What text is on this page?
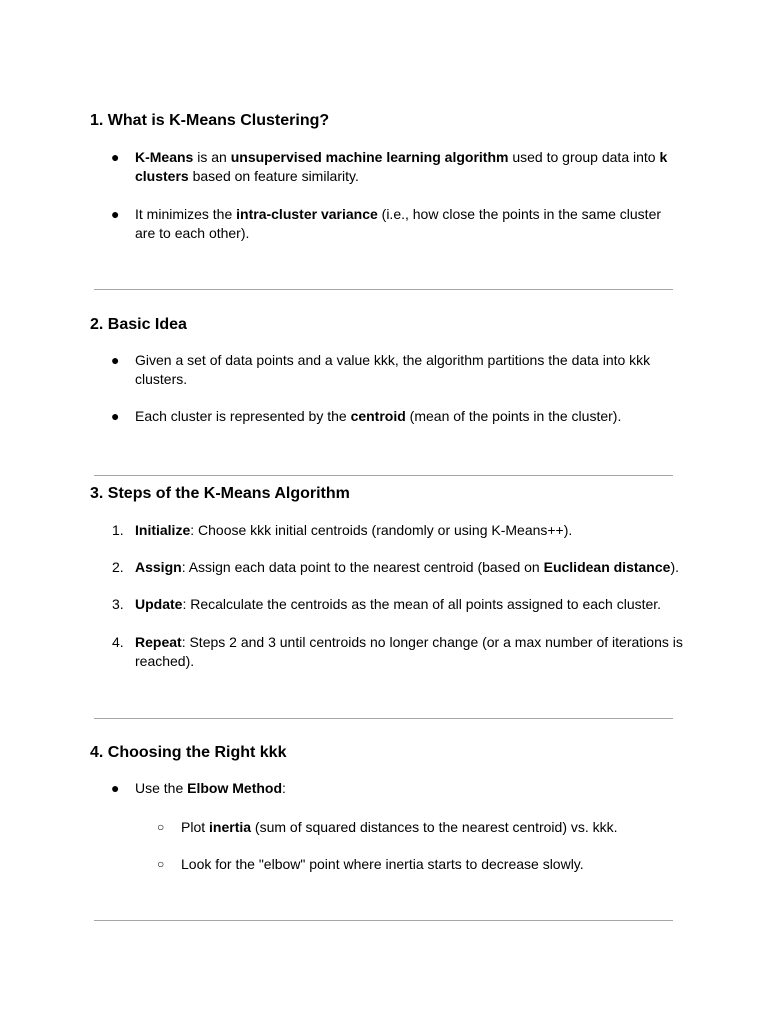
1. What is K-Means Clustering?
● K-Means is an unsupervised machine learning algorithm used to group data into k clusters based on feature similarity.
● It minimizes the intra-cluster variance (i.e., how close the points in the same cluster are to each other).
2. Basic Idea
● Given a set of data points and a value kkk, the algorithm partitions the data into kkk clusters.
● Each cluster is represented by the centroid (mean of the points in the cluster).
3. Steps of the K-Means Algorithm
1. Initialize: Choose kkk initial centroids (randomly or using K-Means++).
2. Assign: Assign each data point to the nearest centroid (based on Euclidean distance).
3. Update: Recalculate the centroids as the mean of all points assigned to each cluster.
4. Repeat: Steps 2 and 3 until centroids no longer change (or a max number of iterations is reached).
4. Choosing the Right kkk
● Use the Elbow Method:
○ Plot inertia (sum of squared distances to the nearest centroid) vs. kkk.
○ Look for the "elbow" point where inertia starts to decrease slowly.
